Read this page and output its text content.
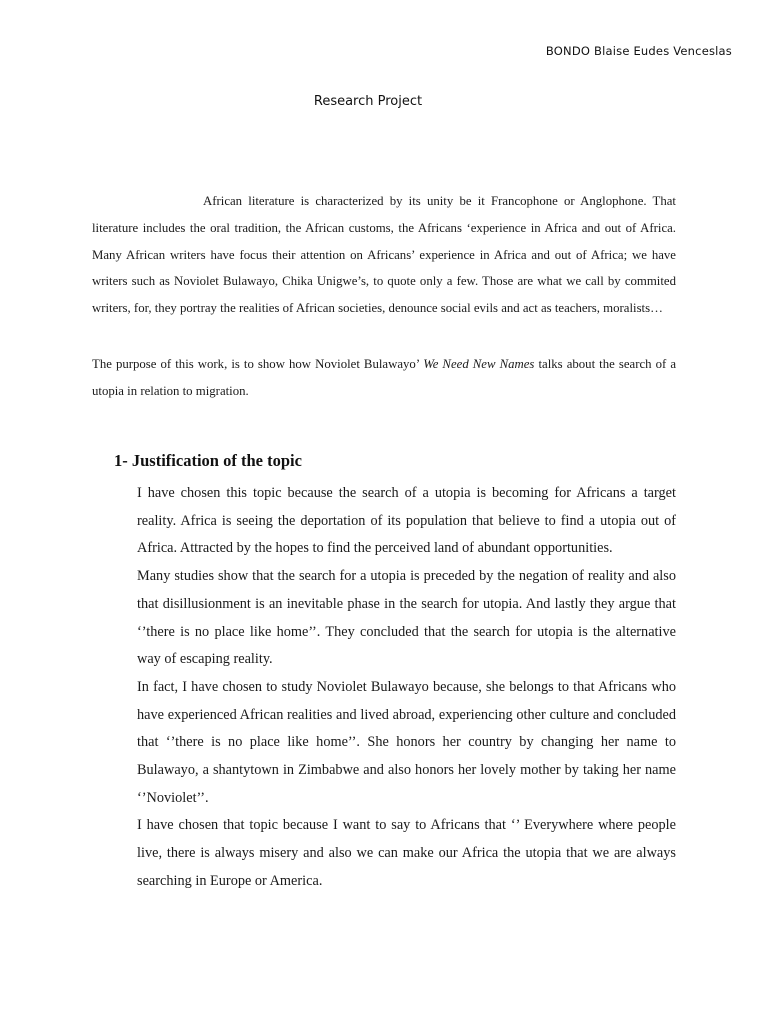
BONDO Blaise Eudes Venceslas
Research Project

African literature is characterized by its unity be it Francophone or Anglophone. That literature includes the oral tradition, the African customs, the Africans ‘experience in Africa and out of Africa. Many African writers have focus their attention on Africans’ experience in Africa and out of Africa; we have writers such as Noviolet Bulawayo, Chika Unigwe’s, to quote only a few. Those are what we call by commited writers, for, they portray the realities of African societies, denounce social evils and act as teachers, moralists…

The purpose of this work, is to show how Noviolet Bulawayo’ We Need New Names talks about the search of a utopia in relation to migration.

1- Justification of the topic

I have chosen this topic because the search of a utopia is becoming for Africans a target reality. Africa is seeing the deportation of its population that believe to find a utopia out of Africa. Attracted by the hopes to find the perceived land of abundant opportunities.

Many studies show that the search for a utopia is preceded by the negation of reality and also that disillusionment is an inevitable phase in the search for utopia. And lastly they argue that ‘’there is no place like home’’. They concluded that the search for utopia is the alternative way of escaping reality.

In fact, I have chosen to study Noviolet Bulawayo because, she belongs to that Africans who have experienced African realities and lived abroad, experiencing other culture and concluded that ‘’there is no place like home’’. She honors her country by changing her name to Bulawayo, a shantytown in Zimbabwe and also honors her lovely mother by taking her name ‘’Noviolet’’.

I have chosen that topic because I want to say to Africans that ‘’ Everywhere where people live, there is always misery and also we can make our Africa the utopia that we are always searching in Europe or America.
